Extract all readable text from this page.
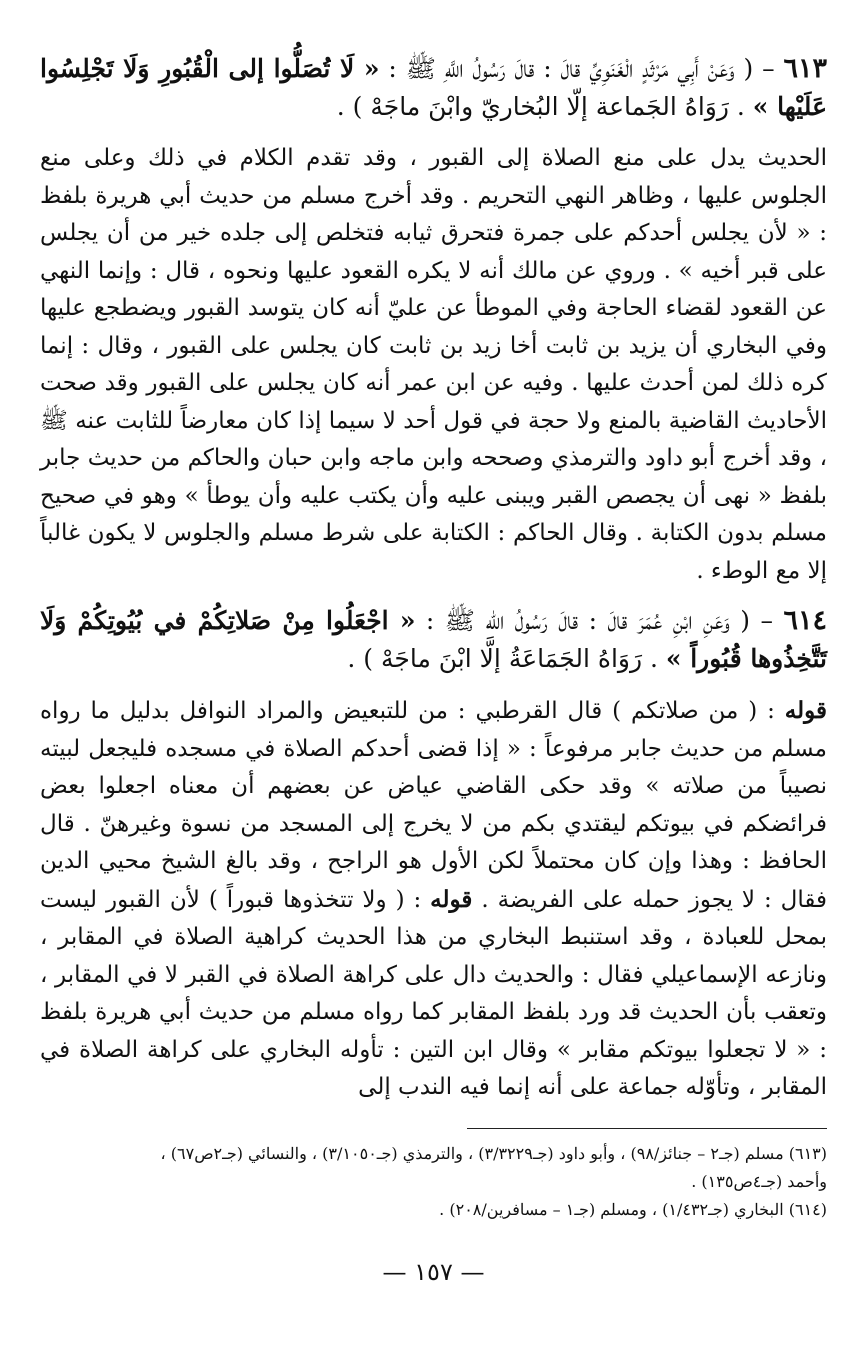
٦١٣ – ( وَعَنْ أَبِي مَرْثَدٍ الْغَنَوِيِّ قالَ : قالَ رَسُولُ اللَّهِ ﷺ : « لَا تُصَلُّوا إلى الْقُبُورِ وَلَا تَجْلِسُوا عَلَيْها » . رَوَاهُ الجَماعة إلّا البُخاريّ وابْنَ ماجَهْ ) .

الحديث يدل على منع الصلاة إلى القبور ، وقد تقدم الكلام في ذلك وعلى منع الجلوس عليها ، وظاهر النهي التحريم . وقد أخرج مسلم من حديث أبي هريرة بلفظ : « لأن يجلس أحدكم على جمرة فتحرق ثيابه فتخلص إلى جلده خير من أن يجلس على قبر أخيه » . وروي عن مالك أنه لا يكره القعود عليها ونحوه ، قال : وإنما النهي عن القعود لقضاء الحاجة وفي الموطأ عن عليّ أنه كان يتوسد القبور ويضطجع عليها وفي البخاري أن يزيد بن ثابت أخا زيد بن ثابت كان يجلس على القبور ، وقال : إنما كره ذلك لمن أحدث عليها . وفيه عن ابن عمر أنه كان يجلس على القبور وقد صحت الأحاديث القاضية بالمنع ولا حجة في قول أحد لا سيما إذا كان معارضاً للثابت عنه ﷺ ، وقد أخرج أبو داود والترمذي وصححه وابن ماجه وابن حبان والحاكم من حديث جابر بلفظ « نهى أن يجصص القبر ويبنى عليه وأن يكتب عليه وأن يوطأ » وهو في صحيح مسلم بدون الكتابة . وقال الحاكم : الكتابة على شرط مسلم والجلوس لا يكون غالباً إلا مع الوطء .

٦١٤ – ( وَعَنِ ابْنِ عُمَرَ قالَ : قالَ رَسُولُ الله ﷺ : « اجْعَلُوا مِنْ صَلاتِكُمْ في بُيُوتِكُمْ وَلَا تَتَّخِذُوها قُبُوراً » . رَوَاهُ الجَمَاعَةُ إلَّا ابْنَ ماجَهْ ) .

قوله : ( من صلاتكم ) قال القرطبي : من للتبعيض والمراد النوافل بدليل ما رواه مسلم من حديث جابر مرفوعاً : « إذا قضى أحدكم الصلاة في مسجده فليجعل لبيته نصيباً من صلاته » وقد حكى القاضي عياض عن بعضهم أن معناه اجعلوا بعض فرائضكم في بيوتكم ليقتدي بكم من لا يخرج إلى المسجد من نسوة وغيرهنّ . قال الحافظ : وهذا وإن كان محتملاً لكن الأول هو الراجح ، وقد بالغ الشيخ محيي الدين فقال : لا يجوز حمله على الفريضة . قوله : ( ولا تتخذوها قبوراً ) لأن القبور ليست بمحل للعبادة ، وقد استنبط البخاري من هذا الحديث كراهية الصلاة في المقابر ، ونازعه الإسماعيلي فقال : والحديث دال على كراهة الصلاة في القبر لا في المقابر ، وتعقب بأن الحديث قد ورد بلفظ المقابر كما رواه مسلم من حديث أبي هريرة بلفظ : « لا تجعلوا بيوتكم مقابر » وقال ابن التين : تأوله البخاري على كراهة الصلاة في المقابر ، وتأوّله جماعة على أنه إنما فيه الندب إلى

(٦١٣) مسلم (جـ٢ – جنائز/٩٨) ، وأبو داود (جـ٣/٣٢٢٩) ، والترمذي (جـ٣/١٠٥٠) ، والنسائي (جـ٢ص٦٧) ،

وأحمد (جـ٤ص١٣٥) .

(٦١٤) البخاري (جـ١/٤٣٢) ، ومسلم (جـ١ – مسافرين/٢٠٨) .

— ١٥٧ —
